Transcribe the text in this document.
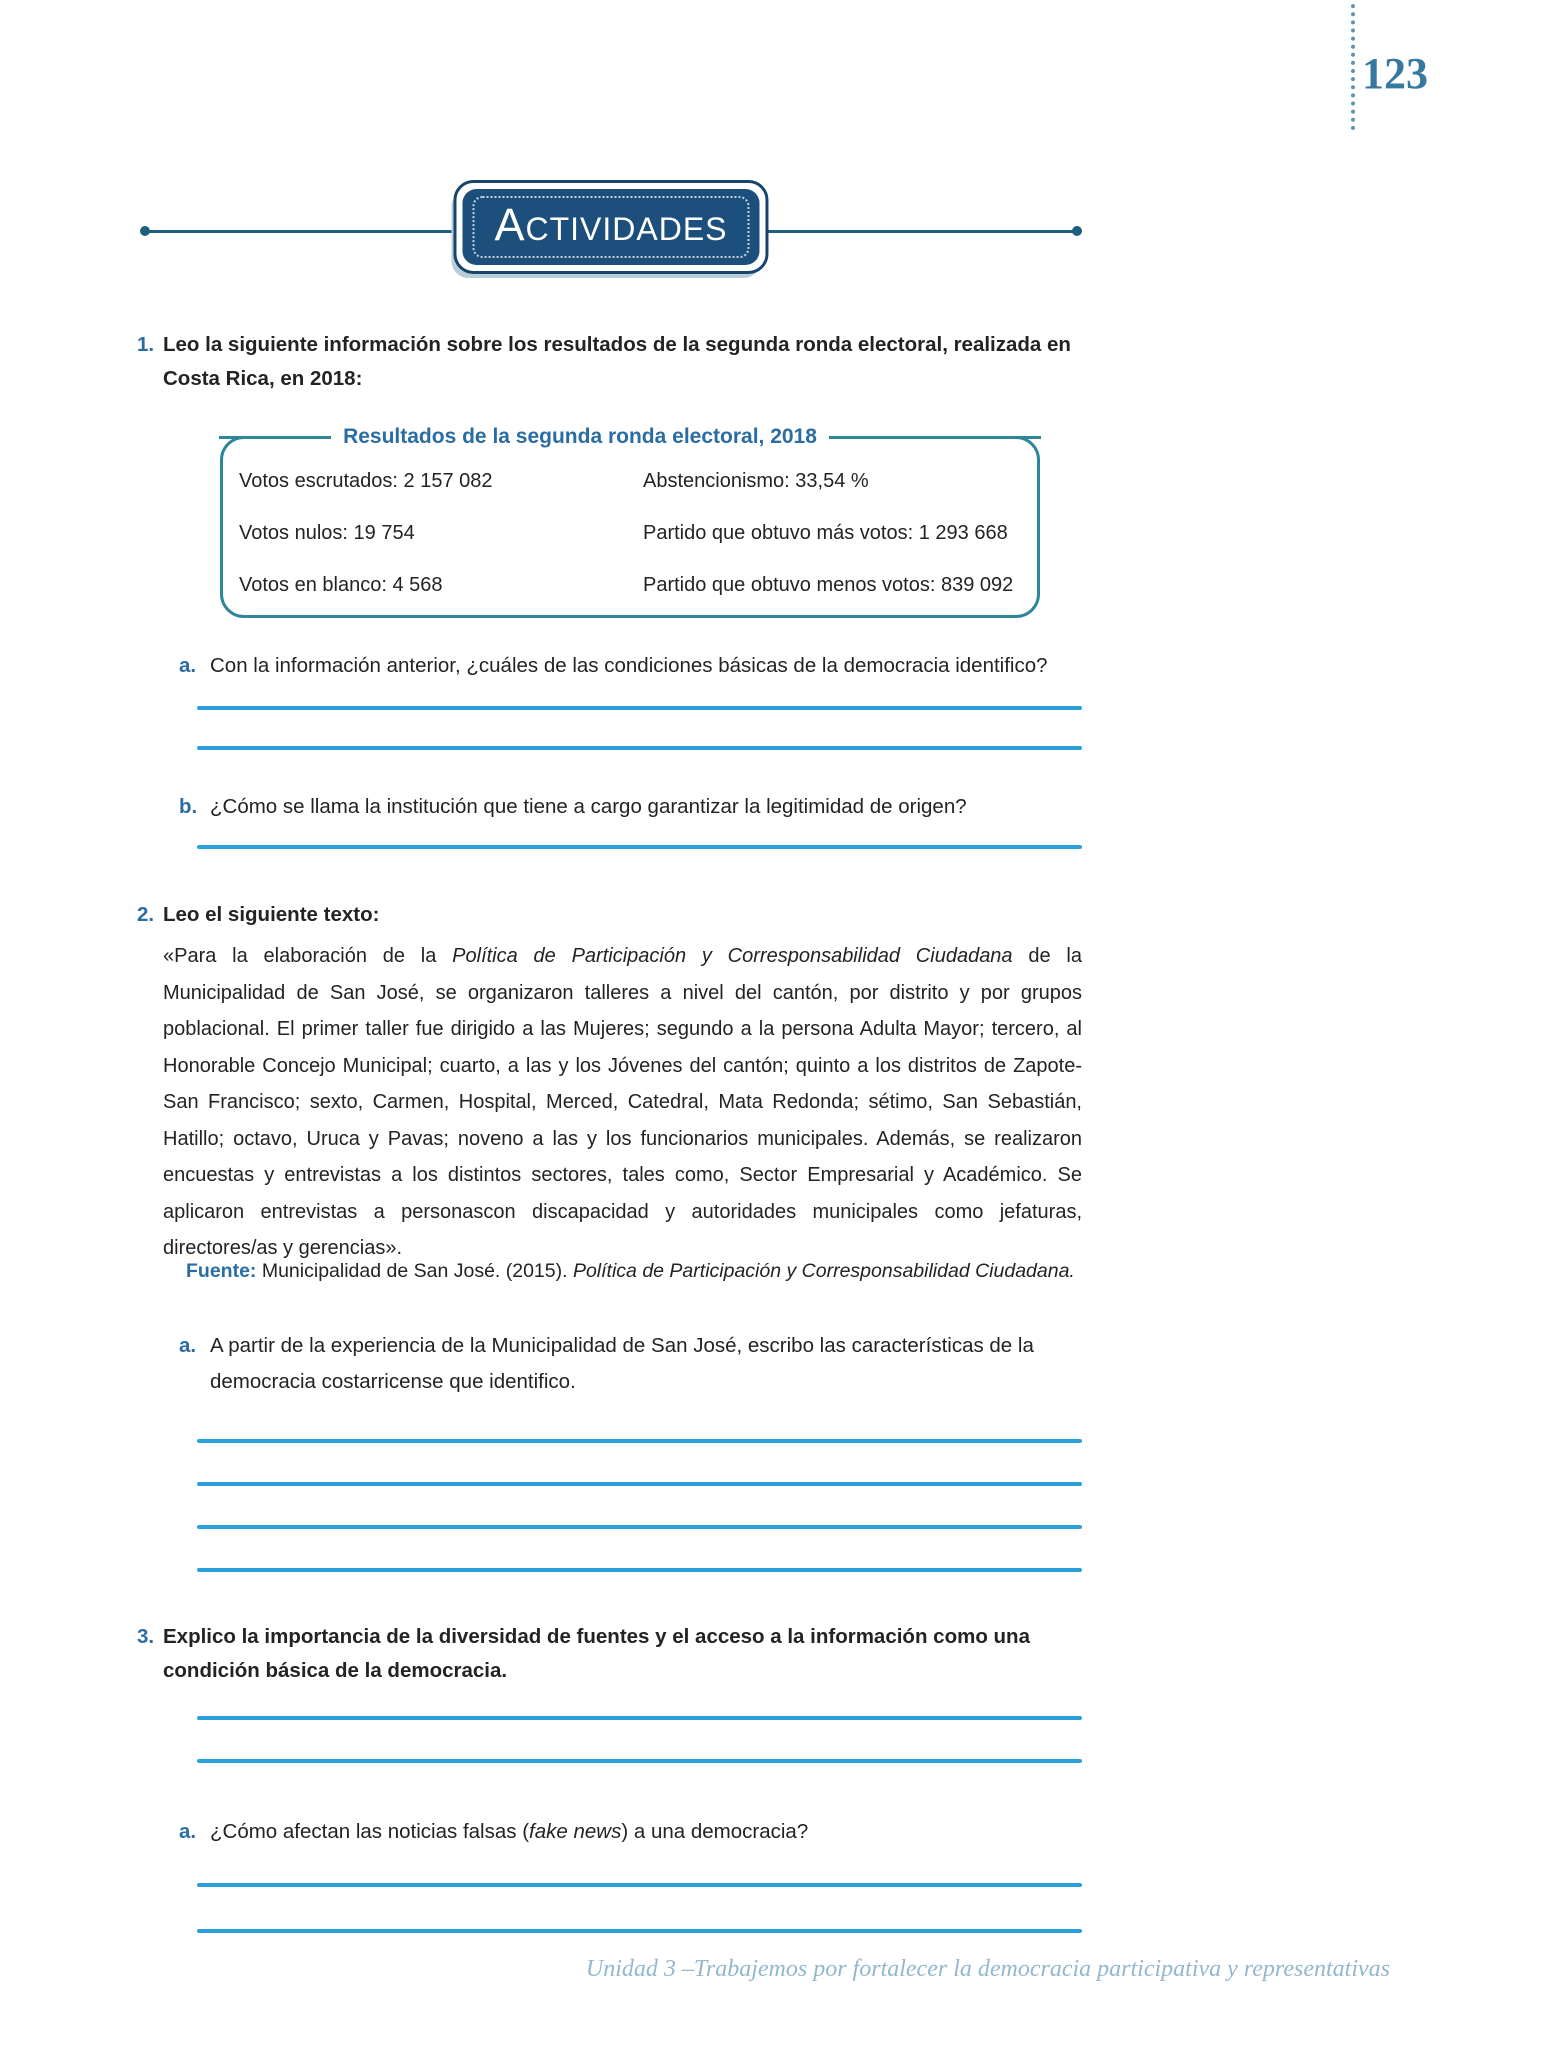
123
Actividades
1. Leo la siguiente información sobre los resultados de la segunda ronda electoral, realizada en Costa Rica, en 2018:
Resultados de la segunda ronda electoral, 2018
Votos escrutados: 2 157 082	Abstencionismo: 33,54 %
Votos nulos: 19 754	Partido que obtuvo más votos: 1 293 668
Votos en blanco: 4 568	Partido que obtuvo menos votos: 839 092
a. Con la información anterior, ¿cuáles de las condiciones básicas de la democracia identifico?
b. ¿Cómo se llama la institución que tiene a cargo garantizar la legitimidad de origen?
2. Leo el siguiente texto:
«Para la elaboración de la Política de Participación y Corresponsabilidad Ciudadana de la Municipalidad de San José, se organizaron talleres a nivel del cantón, por distrito y por grupos poblacional. El primer taller fue dirigido a las Mujeres; segundo a la persona Adulta Mayor; tercero, al Honorable Concejo Municipal; cuarto, a las y los Jóvenes del cantón; quinto a los distritos de Zapote-San Francisco; sexto, Carmen, Hospital, Merced, Catedral, Mata Redonda; sétimo, San Sebastián, Hatillo; octavo, Uruca y Pavas; noveno a las y los funcionarios municipales. Además, se realizaron encuestas y entrevistas a los distintos sectores, tales como, Sector Empresarial y Académico. Se aplicaron entrevistas a personascon discapacidad y autoridades municipales como jefaturas, directores/as y gerencias».
Fuente: Municipalidad de San José. (2015). Política de Participación y Corresponsabilidad Ciudadana.
a. A partir de la experiencia de la Municipalidad de San José, escribo las características de la democracia costarricense que identifico.
3. Explico la importancia de la diversidad de fuentes y el acceso a la información como una condición básica de la democracia.
a. ¿Cómo afectan las noticias falsas (fake news) a una democracia?
Unidad 3 –Trabajemos por fortalecer la democracia participativa y representativas
